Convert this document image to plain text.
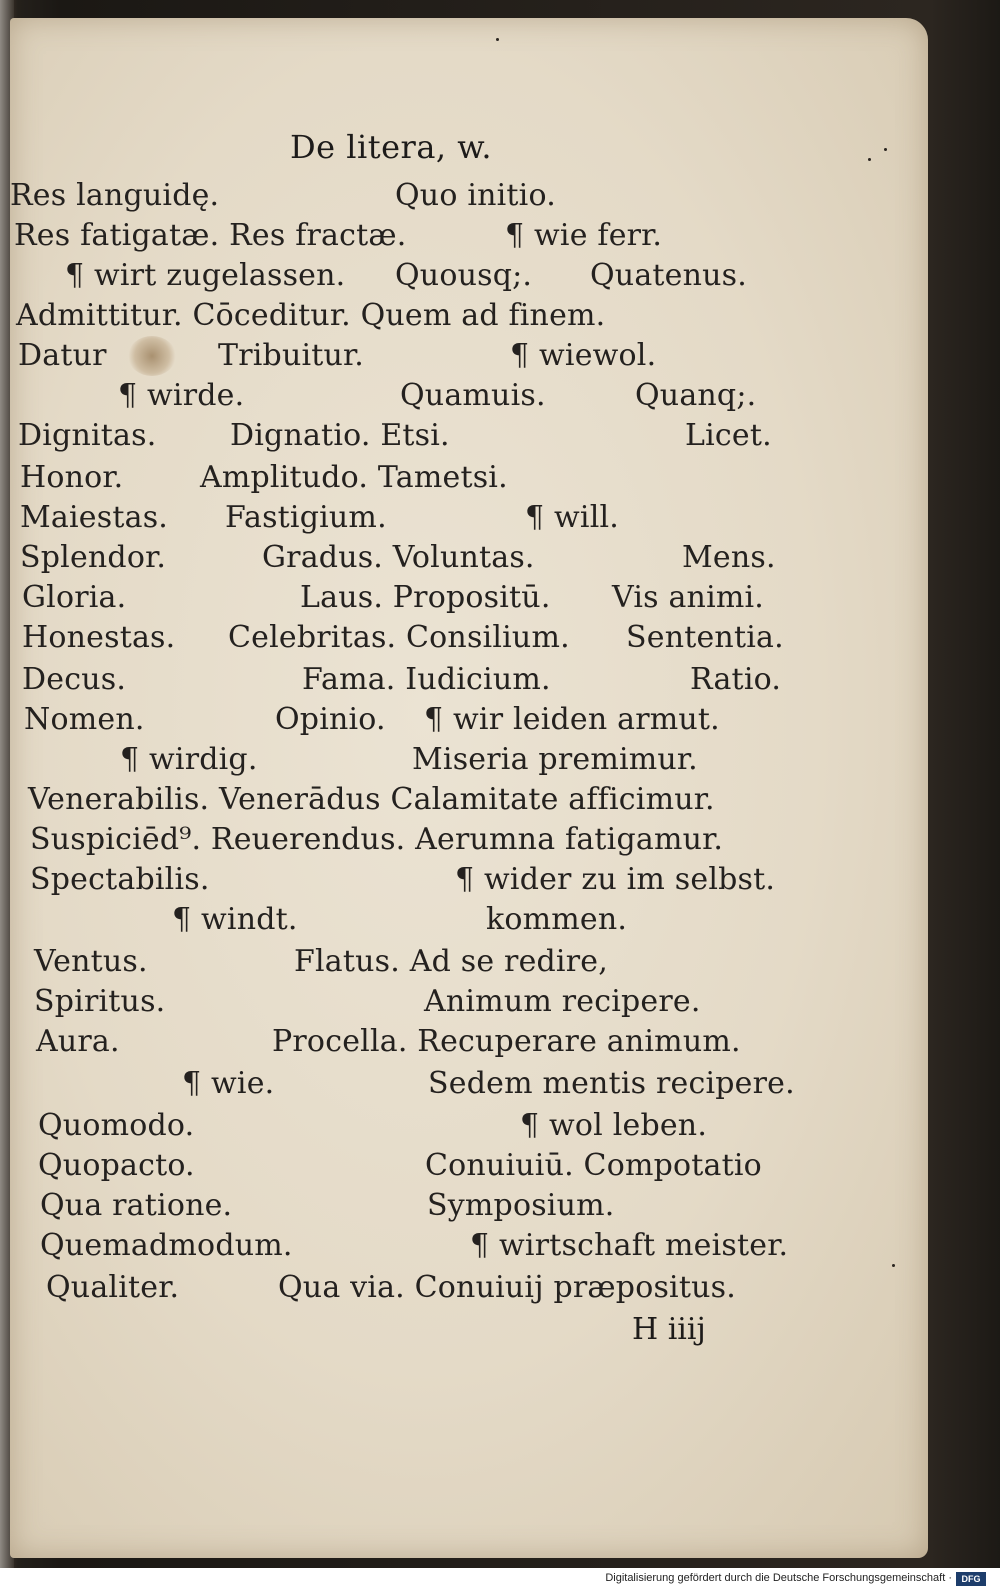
De litera, w.
Res languidę.	Quo initio.
Res fatigatæ. Res fractæ.	¶ wie ferr.
¶ wirt zugelassen. Quousq;. Quatenus.
Admittitur. Cōceditur. Quem ad finem.
Datur	Tribuitur.	¶ wiewol.
¶ wirde.	Quamuis.	Quanq;.
Dignitas. Dignatio. Etsi.	Licet.
Honor.	Amplitudo. Tametsi.
Maiestas. Fastigium.	¶ will.
Splendor.	Gradus. Voluntas.	Mens.
Gloria.	Laus. Propositū. Vis animi.
Honestas. Celebritas. Consilium. Sententia.
Decus.	Fama. Iudicium.	Ratio.
Nomen.	Opinio. ¶ wir leiden armut.
¶ wirdig.	Miseria premimur.
Venerabilis. Venerādus Calamitate afficimur.
Suspiciēd⁹. Reuerendus. Aerumna fatigamur.
Spectabilis.	¶ wider zu im selbst.
¶ windt.	kommen.
Ventus.	Flatus. Ad se redire,
Spiritus.	Animum recipere.
Aura.	Procella. Recuperare animum.
¶ wie.	Sedem mentis recipere.
Quomodo.	¶ wol leben.
Quopacto.	Conuiuiū. Compotatio
Qua ratione.	Symposium.
Quemadmodum.	¶ wirtschaft meister.
Qualiter.	Qua via. Conuiuij præpositus.
H iiij
Digitalisierung gefördert durch die Deutsche Forschungsgemeinschaft ·	DFG
